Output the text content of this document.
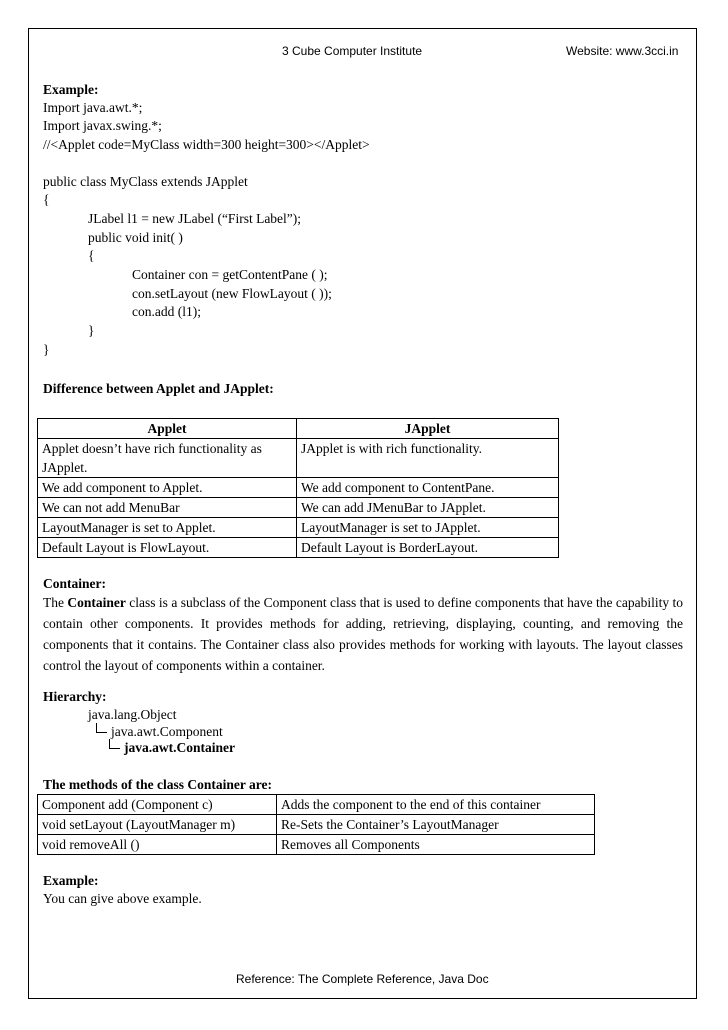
3 Cube Computer Institute	Website: www.3cci.in
Example:
Import java.awt.*;
Import javax.swing.*;
//<Applet code=MyClass width=300 height=300></Applet>
public class MyClass extends JApplet
{
JLabel l1 = new JLabel (“First Label”);
public void init( )
{
Container con = getContentPane ( );
con.setLayout (new FlowLayout ( ));
con.add (l1);
}
}
Difference between Applet and JApplet:
Applet	JApplet
Applet doesn’t have rich functionality as JApplet.	JApplet is with rich functionality.
We add component to Applet.	We add component to ContentPane.
We can not add MenuBar	We can add JMenuBar to JApplet.
LayoutManager is set to Applet.	LayoutManager is set to JApplet.
Default Layout is FlowLayout.	Default Layout is BorderLayout.
Container:
The Container class is a subclass of the Component class that is used to define components that have the capability to contain other components. It provides methods for adding, retrieving, displaying, counting, and removing the components that it contains. The Container class also provides methods for working with layouts. The layout classes control the layout of components within a container.
Hierarchy:
java.lang.Object
java.awt.Component
java.awt.Container
The methods of the class Container are:
Component add (Component c)	Adds the component to the end of this container
void setLayout (LayoutManager m)	Re-Sets the Container’s LayoutManager
void removeAll ()	Removes all Components
Example:
You can give above example.
Reference: The Complete Reference, Java Doc
